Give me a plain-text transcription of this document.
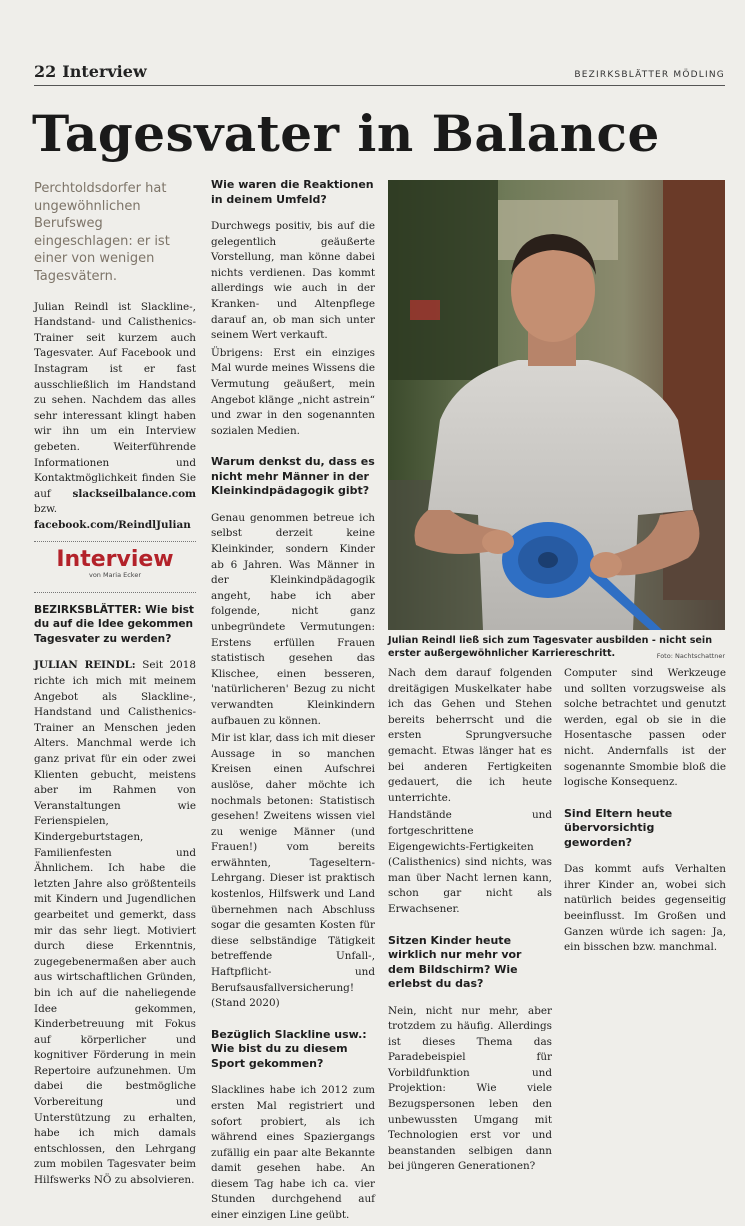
22 Interview	BEZIRKSBLÄTTER MÖDLING
Tagesvater in Balance
Perchtoldsdorfer hat ungewöhnlichen Berufsweg eingeschlagen: er ist einer von wenigen Tagesvätern.

Julian Reindl ist Slackline-, Handstand- und Calisthenics-Trainer seit kurzem auch Tagesvater. Auf Facebook und Instagram ist er fast ausschließlich im Handstand zu sehen. Nachdem das alles sehr interessant klingt haben wir ihn um ein Interview gebeten. Weiterführende Informationen und Kontaktmöglichkeit finden Sie auf slackseilbalance.com bzw. facebook.com/ReindlJulian

Interview
von Maria Ecker
BEZIRKSBLÄTTER: Wie bist du auf die Idee gekommen Tagesvater zu werden?

JULIAN REINDL: Seit 2018 richte ich mich mit meinem Angebot als Slackline-, Handstand und Calisthenics-Trainer an Menschen jeden Alters. Manchmal werde ich ganz privat für ein oder zwei Klienten gebucht, meistens aber im Rahmen von Veranstaltungen wie Ferienspielen, Kindergeburtstagen, Familienfesten und Ähnlichem. Ich habe die letzten Jahre also größtenteils mit Kindern und Jugendlichen gearbeitet und gemerkt, dass mir das sehr liegt. Motiviert durch diese Erkenntnis, zugegebenermaßen aber auch aus wirtschaftlichen Gründen, bin ich auf die naheliegende Idee gekommen, Kinderbetreuung mit Fokus auf körperlicher und kognitiver Förderung in mein Repertoire aufzunehmen. Um dabei die bestmögliche Vorbereitung und Unterstützung zu erhalten, habe ich mich damals entschlossen, den Lehrgang zum mobilen Tagesvater beim Hilfswerks NÖ zu absolvieren.

Wie waren die Reaktionen in deinem Umfeld?

Durchwegs positiv, bis auf die gelegentlich geäußerte Vorstellung, man könne dabei nichts verdienen. Das kommt allerdings wie auch in der Kranken- und Altenpflege darauf an, ob man sich unter seinem Wert verkauft.

Übrigens: Erst ein einziges Mal wurde meines Wissens die Vermutung geäußert, mein Angebot klänge „nicht astrein“ und zwar in den sogenannten sozialen Medien.

Warum denkst du, dass es nicht mehr Männer in der Kleinkindpädagogik gibt?

Genau genommen betreue ich selbst derzeit keine Kleinkinder, sondern Kinder ab 6 Jahren. Was Männer in der Kleinkindpädagogik angeht, habe ich aber folgende, nicht ganz unbegründete Vermutungen: Erstens erfüllen Frauen statistisch gesehen das Klischee, einen besseren, 'natürlicheren' Bezug zu nicht verwandten Kleinkindern aufbauen zu können.

Mir ist klar, dass ich mit dieser Aussage in so manchen Kreisen einen Aufschrei auslöse, daher möchte ich nochmals betonen: Statistisch gesehen! Zweitens wissen viel zu wenige Männer (und Frauen!) vom bereits erwähnten, Tageseltern-Lehrgang. Dieser ist praktisch kostenlos, Hilfswerk und Land übernehmen nach Abschluss sogar die gesamten Kosten für diese selbständige Tätigkeit betreffende Unfall-, Haftpflicht- und Berufsausfallversicherung! (Stand 2020)

Bezüglich Slackline usw.: Wie bist du zu diesem Sport gekommen?

Slacklines habe ich 2012 zum ersten Mal registriert und sofort probiert, als ich während eines Spaziergangs zufällig ein paar alte Bekannte damit gesehen habe. An diesem Tag habe ich ca. vier Stunden durchgehend auf einer einzigen Line geübt.

Julian Reindl ließ sich zum Tagesvater ausbilden - nicht sein erster außergewöhnlicher Karriereschritt.	Foto: Nachtschattner

Nach dem darauf folgenden dreitägigen Muskelkater habe ich das Gehen und Stehen bereits beherrscht und die ersten Sprungversuche gemacht. Etwas länger hat es bei anderen Fertigkeiten gedauert, die ich heute unterrichte.

Handstände und fortgeschrittene Eigengewichts-Fertigkeiten (Calisthenics) sind nichts, was man über Nacht lernen kann, schon gar nicht als Erwachsener.

Sitzen Kinder heute wirklich nur mehr vor dem Bildschirm? Wie erlebst du das?

Nein, nicht nur mehr, aber trotzdem zu häufig. Allerdings ist dieses Thema das Paradebeispiel für Vorbildfunktion und Projektion: Wie viele Bezugspersonen leben den unbewussten Umgang mit Technologien erst vor und beanstanden selbigen dann bei jüngeren Generationen?

Computer sind Werkzeuge und sollten vorzugsweise als solche betrachtet und genutzt werden, egal ob sie in die Hosentasche passen oder nicht. Andernfalls ist der sogenannte Smombie bloß die logische Konsequenz.

Sind Eltern heute übervorsichtig geworden?

Das kommt aufs Verhalten ihrer Kinder an, wobei sich natürlich beides gegenseitig beeinflusst. Im Großen und Ganzen würde ich sagen: Ja, ein bisschen bzw. manchmal.
